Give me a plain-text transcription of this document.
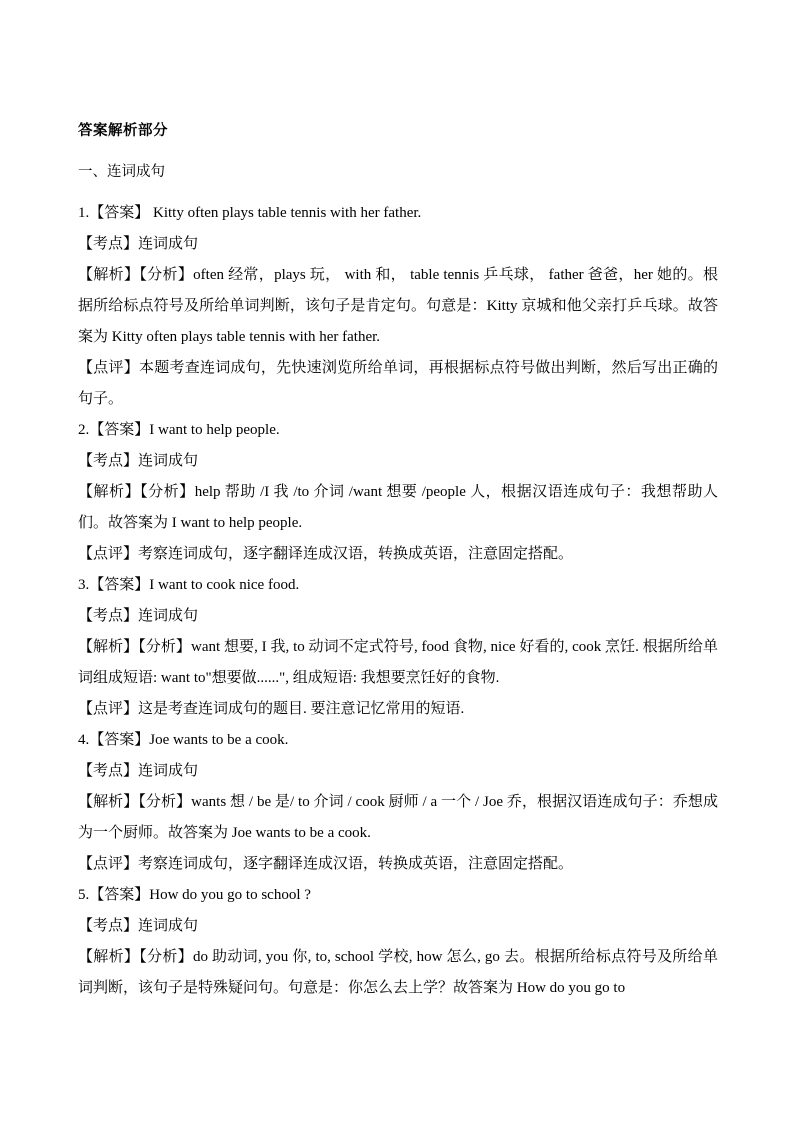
答案解析部分
一、连词成句

1.【答案】 Kitty often plays table tennis with her father.

【考点】连词成句

【解析】【分析】often 经常，plays 玩， with 和， table tennis 乒乓球， father 爸爸，her 她的。根据所给标点符号及所给单词判断，该句子是肯定句。句意是：Kitty 京城和他父亲打乒乓球。故答案为 Kitty often plays table tennis with her father.

【点评】本题考查连词成句，先快速浏览所给单词，再根据标点符号做出判断，然后写出正确的句子。

2.【答案】I want to help people.

【考点】连词成句

【解析】【分析】help 帮助 /I 我 /to 介词 /want 想要 /people 人，根据汉语连成句子：我想帮助人们。故答案为 I want to help people.

【点评】考察连词成句，逐字翻译连成汉语，转换成英语，注意固定搭配。

3.【答案】I want to cook nice food.

【考点】连词成句

【解析】【分析】want 想要, I 我, to 动词不定式符号, food 食物, nice 好看的, cook 烹饪. 根据所给单词组成短语: want to"想要做......", 组成短语: 我想要烹饪好的食物.

【点评】这是考查连词成句的题目. 要注意记忆常用的短语.

4.【答案】Joe wants to be a cook.

【考点】连词成句

【解析】【分析】wants 想 / be 是/ to 介词 / cook 厨师 / a 一个 / Joe 乔，根据汉语连成句子：乔想成为一个厨师。故答案为 Joe wants to be a cook.

【点评】考察连词成句，逐字翻译连成汉语，转换成英语，注意固定搭配。

5.【答案】How do you go to school ?

【考点】连词成句

【解析】【分析】do 助动词, you 你, to, school 学校, how 怎么, go 去。根据所给标点符号及所给单词判断，该句子是特殊疑问句。句意是：你怎么去上学？故答案为 How do you go to
